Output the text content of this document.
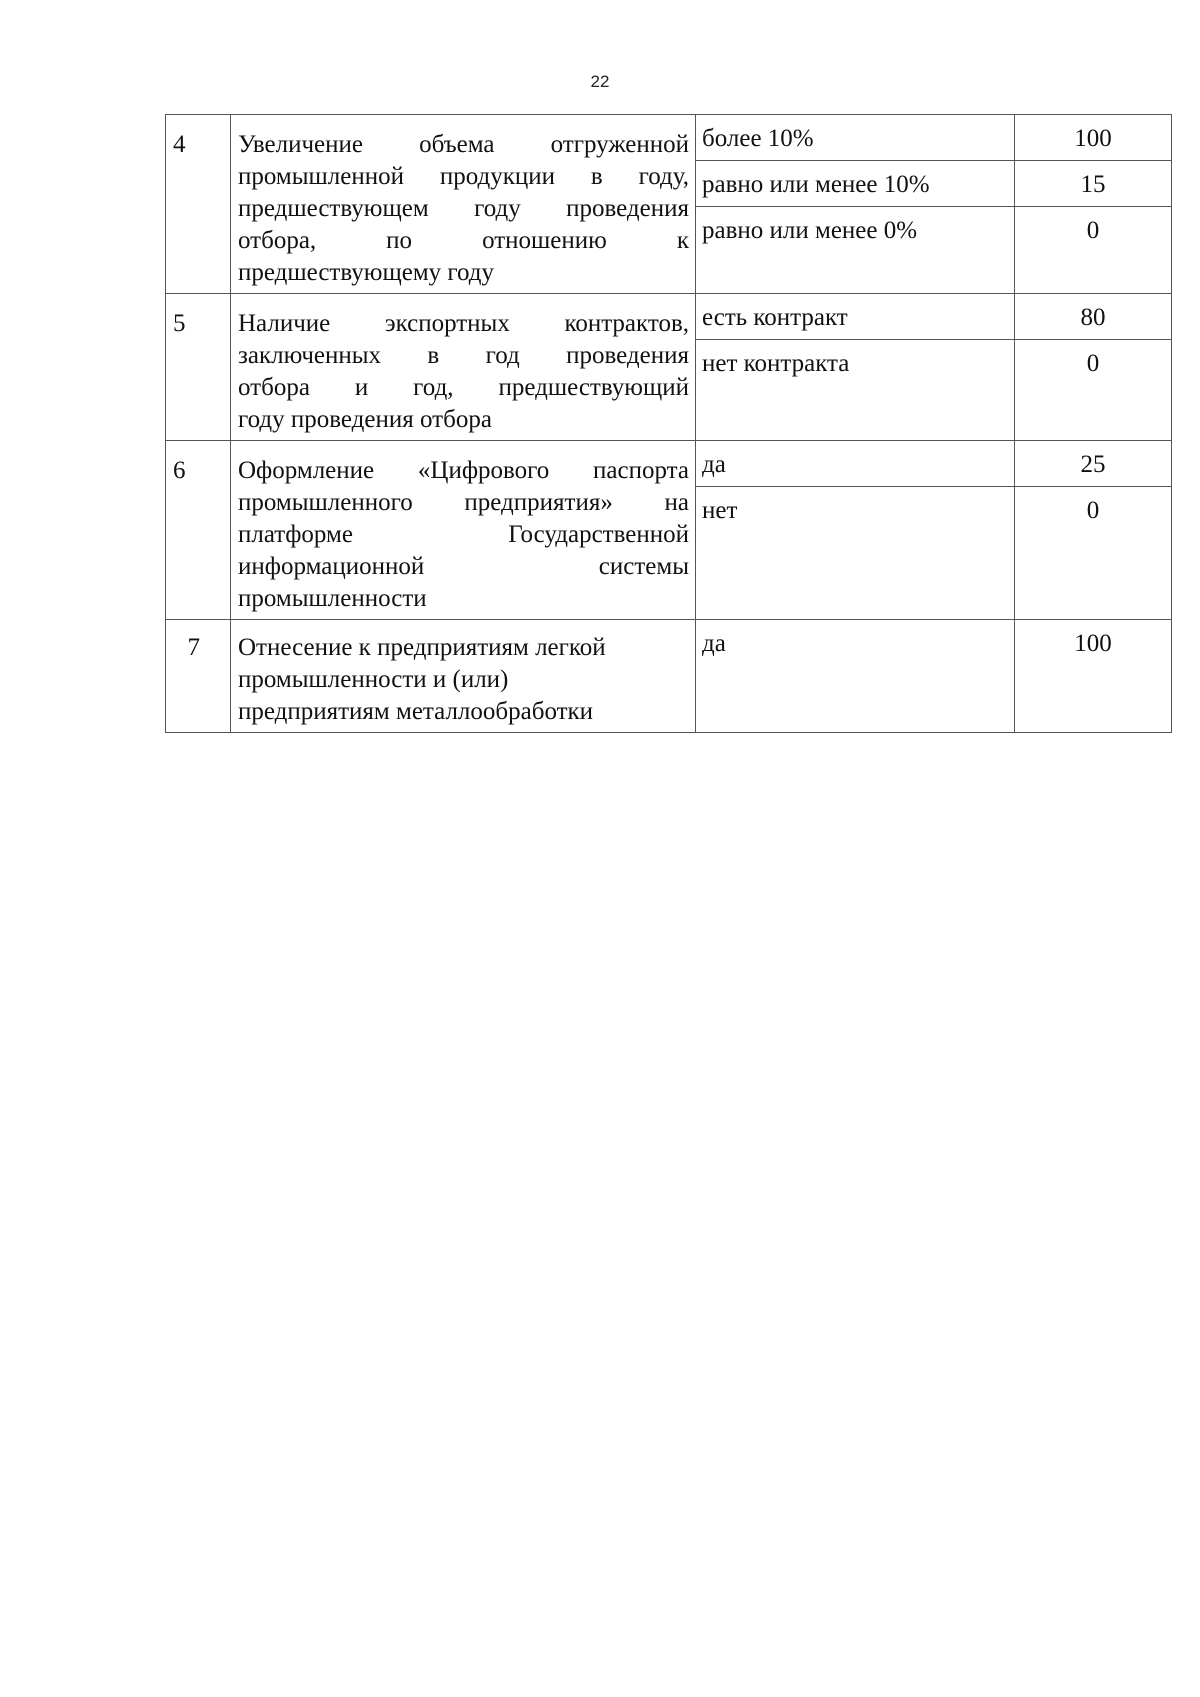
22
4	Увеличение объема отгруженной
промышленной продукции в году,
предшествующем году проведения
отбора, по отношению к
предшествующему году	более 10%	100
		равно или менее 10%	15
		равно или менее 0%	0
5	Наличие экспортных контрактов,
заключенных в год проведения
отбора и год, предшествующий
году проведения отбора	есть контракт	80
		нет контракта	0
6	Оформление «Цифрового паспорта
промышленного предприятия» на
платформе Государственной
информационной системы
промышленности	да	25
		нет	0
7	Отнесение к предприятиям легкой
промышленности и (или)
предприятиям металлообработки	да	100
